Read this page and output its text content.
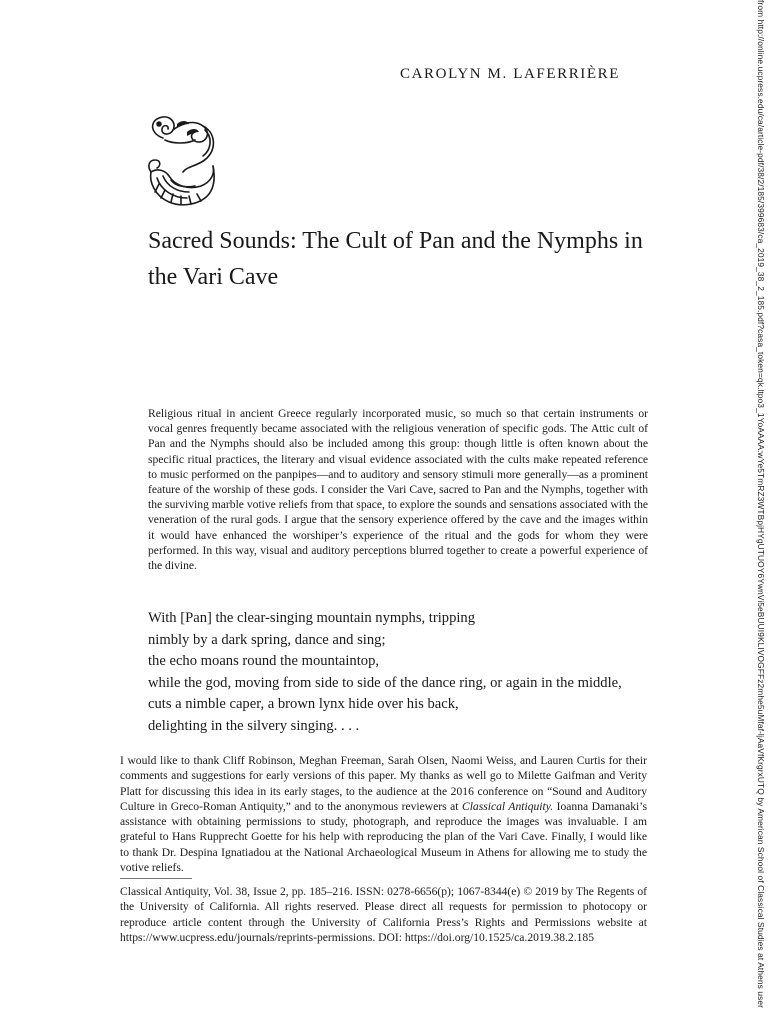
CAROLYN M. LAFERRIÈRE
Sacred Sounds: The Cult of Pan and the Nymphs in the Vari Cave

Religious ritual in ancient Greece regularly incorporated music, so much so that certain instruments or vocal genres frequently became associated with the religious veneration of specific gods. The Attic cult of Pan and the Nymphs should also be included among this group: though little is often known about the specific ritual practices, the literary and visual evidence associated with the cults make repeated reference to music performed on the panpipes—and to auditory and sensory stimuli more generally—as a prominent feature of the worship of these gods. I consider the Vari Cave, sacred to Pan and the Nymphs, together with the surviving marble votive reliefs from that space, to explore the sounds and sensations associated with the veneration of the rural gods. I argue that the sensory experience offered by the cave and the images within it would have enhanced the worshiper’s experience of the ritual and the gods for whom they were performed. In this way, visual and auditory perceptions blurred together to create a powerful experience of the divine.

With [Pan] the clear-singing mountain nymphs, tripping
nimbly by a dark spring, dance and sing;
the echo moans round the mountaintop,
while the god, moving from side to side of the dance ring, or again in the middle,
cuts a nimble caper, a brown lynx hide over his back,
delighting in the silvery singing. . . .

I would like to thank Cliff Robinson, Meghan Freeman, Sarah Olsen, Naomi Weiss, and Lauren Curtis for their comments and suggestions for early versions of this paper. My thanks as well go to Milette Gaifman and Verity Platt for discussing this idea in its early stages, to the audience at the 2016 conference on “Sound and Auditory Culture in Greco-Roman Antiquity,” and to the anonymous reviewers at Classical Antiquity. Ioanna Damanaki’s assistance with obtaining permissions to study, photograph, and reproduce the images was invaluable. I am grateful to Hans Rupprecht Goette for his help with reproducing the plan of the Vari Cave. Finally, I would like to thank Dr. Despina Ignatiadou at the National Archaeological Museum in Athens for allowing me to study the votive reliefs.

Classical Antiquity, Vol. 38, Issue 2, pp. 185–216. ISSN: 0278-6656(p); 1067-8344(e) © 2019 by The Regents of the University of California. All rights reserved. Please direct all requests for permission to photocopy or reproduce article content through the University of California Press’s Rights and Permissions website at https://www.ucpress.edu/journals/reprints-permissions. DOI: https://doi.org/10.1525/ca.2019.38.2.185	from http://online.ucpress.edu/ca/article-pdf/38/2/185/399683/ca_2019_38_2_185.pdf?casa_token=qk.ltpo3_1YoAAAA:wYe5TmRZ3WTBpjHYgUTUOY6YwnVi5eBUUI9KLIVOGFFz2mhe5uMfaf-ljAaVfKrgrxUTQ by American School of Classical Studies at Athens user
